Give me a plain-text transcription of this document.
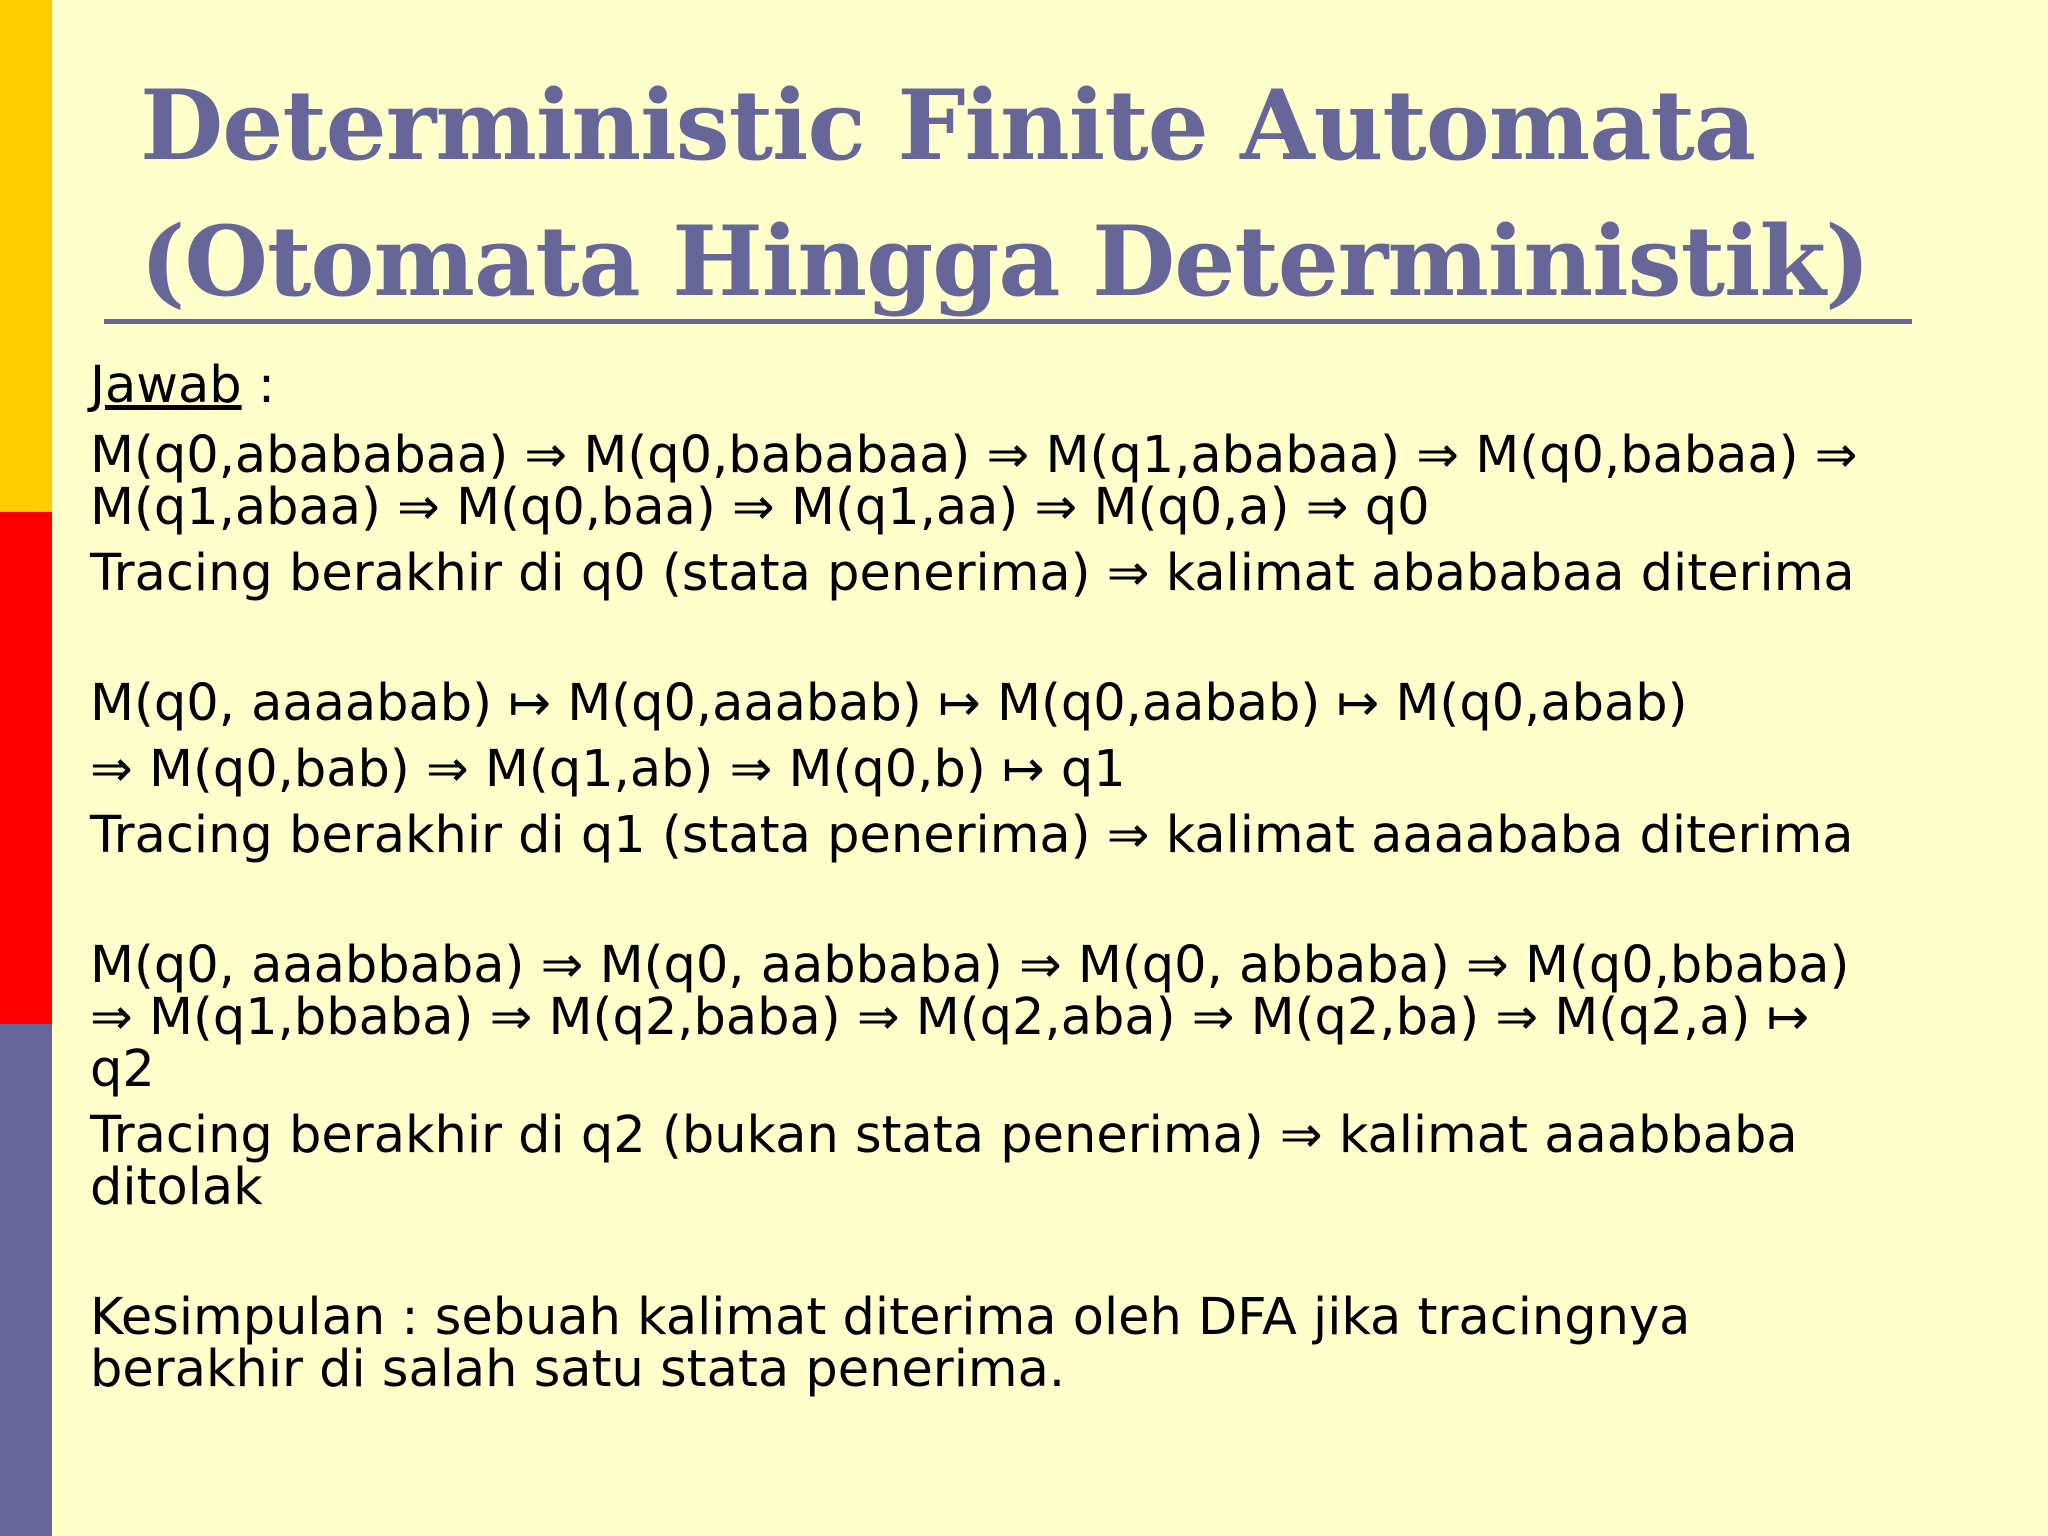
Deterministic Finite Automata
(Otomata Hingga Deterministik)
Jawab :
M(q0,abababaa) ⇒ M(q0,bababaa) ⇒ M(q1,ababaa) ⇒ M(q0,babaa) ⇒
M(q1,abaa) ⇒ M(q0,baa) ⇒ M(q1,aa) ⇒ M(q0,a) ⇒ q0
Tracing berakhir di q0 (stata penerima) ⇒ kalimat abababaa diterima
M(q0, aaaabab) ↦ M(q0,aaabab) ↦ M(q0,aabab) ↦ M(q0,abab)
⇒ M(q0,bab) ⇒ M(q1,ab) ⇒ M(q0,b) ↦ q1
Tracing berakhir di q1 (stata penerima) ⇒ kalimat aaaababa diterima
M(q0, aaabbaba) ⇒ M(q0, aabbaba) ⇒ M(q0, abbaba) ⇒ M(q0,bbaba)
⇒ M(q1,bbaba) ⇒ M(q2,baba) ⇒ M(q2,aba) ⇒ M(q2,ba) ⇒ M(q2,a) ↦
q2
Tracing berakhir di q2 (bukan stata penerima) ⇒ kalimat aaabbaba
ditolak
Kesimpulan : sebuah kalimat diterima oleh DFA jika tracingnya
berakhir di salah satu stata penerima.
